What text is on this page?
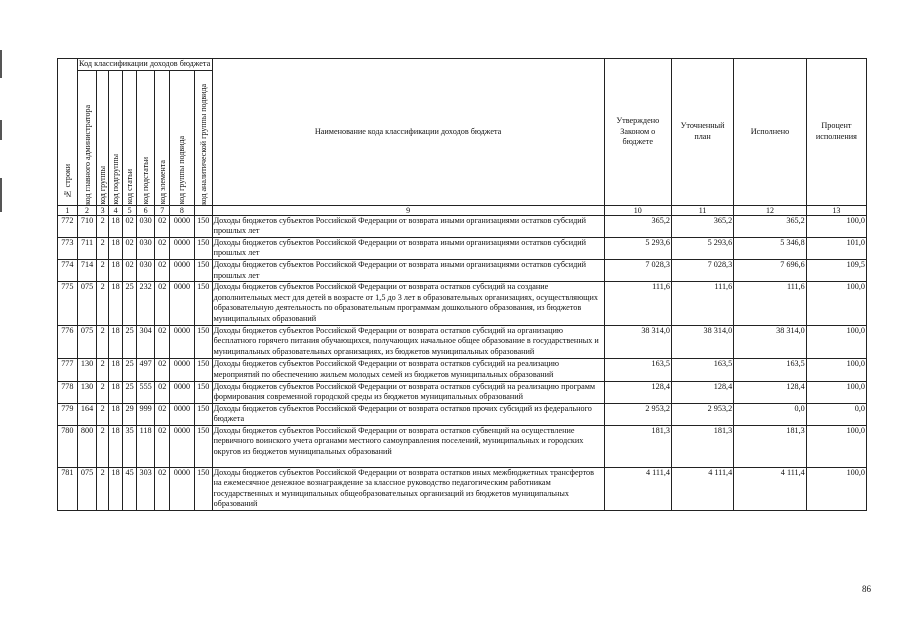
№ строки	Код классификации доходов бюджета								Наименование кода классификации доходов бюджета	Утверждено Законом о бюджете	Уточненный план	Исполнено	Процент исполнения

	код главного администратора	код группы	код подгруппы	код статьи	код подстатьи	код элемента	код группы подвида	код аналитической группы подвида					

1	2	3	4	5	6	7	8		9	10	11	12	13
772	710	2	18	02	030	02	0000	150	Доходы бюджетов субъектов Российской Федерации от возврата иными организациями остатков субсидий прошлых лет	365,2	365,2	365,2	100,0
773	711	2	18	02	030	02	0000	150	Доходы бюджетов субъектов Российской Федерации от возврата иными организациями остатков субсидий прошлых лет	5 293,6	5 293,6	5 346,8	101,0
774	714	2	18	02	030	02	0000	150	Доходы бюджетов субъектов Российской Федерации от возврата иными организациями остатков субсидий прошлых лет	7 028,3	7 028,3	7 696,6	109,5
775	075	2	18	25	232	02	0000	150	Доходы бюджетов субъектов Российской Федерации от возврата остатков субсидий на создание дополнительных мест для детей в возрасте от 1,5 до 3 лет в образовательных организациях, осуществляющих образовательную деятельность по образовательным программам дошкольного образования, из бюджетов муниципальных образований	111,6	111,6	111,6	100,0
776	075	2	18	25	304	02	0000	150	Доходы бюджетов субъектов Российской Федерации от возврата остатков субсидий на организацию бесплатного горячего питания обучающихся, получающих начальное общее образование в государственных и муниципальных образовательных организациях, из бюджетов муниципальных образований	38 314,0	38 314,0	38 314,0	100,0
777	130	2	18	25	497	02	0000	150	Доходы бюджетов субъектов Российской Федерации от возврата остатков субсидий на реализацию мероприятий по обеспечению жильем молодых семей из бюджетов муниципальных образований	163,5	163,5	163,5	100,0
778	130	2	18	25	555	02	0000	150	Доходы бюджетов субъектов Российской Федерации от возврата остатков субсидий на реализацию программ формирования современной городской среды из бюджетов муниципальных образований	128,4	128,4	128,4	100,0
779	164	2	18	29	999	02	0000	150	Доходы бюджетов субъектов Российской Федерации от возврата остатков прочих субсидий из федерального бюджета	2 953,2	2 953,2	0,0	0,0
780	800	2	18	35	118	02	0000	150	Доходы бюджетов субъектов Российской Федерации от возврата остатков субвенций на осуществление первичного воинского учета органами местного самоуправления поселений, муниципальных и городских округов из бюджетов муниципальных образований	181,3	181,3	181,3	100,0
781	075	2	18	45	303	02	0000	150	Доходы бюджетов субъектов Российской Федерации от возврата остатков иных межбюджетных трансфертов на ежемесячное денежное вознаграждение за классное руководство педагогическим работникам государственных и муниципальных общеобразовательных организаций из бюджетов муниципальных образований	4 111,4	4 111,4	4 111,4	100,0
86
